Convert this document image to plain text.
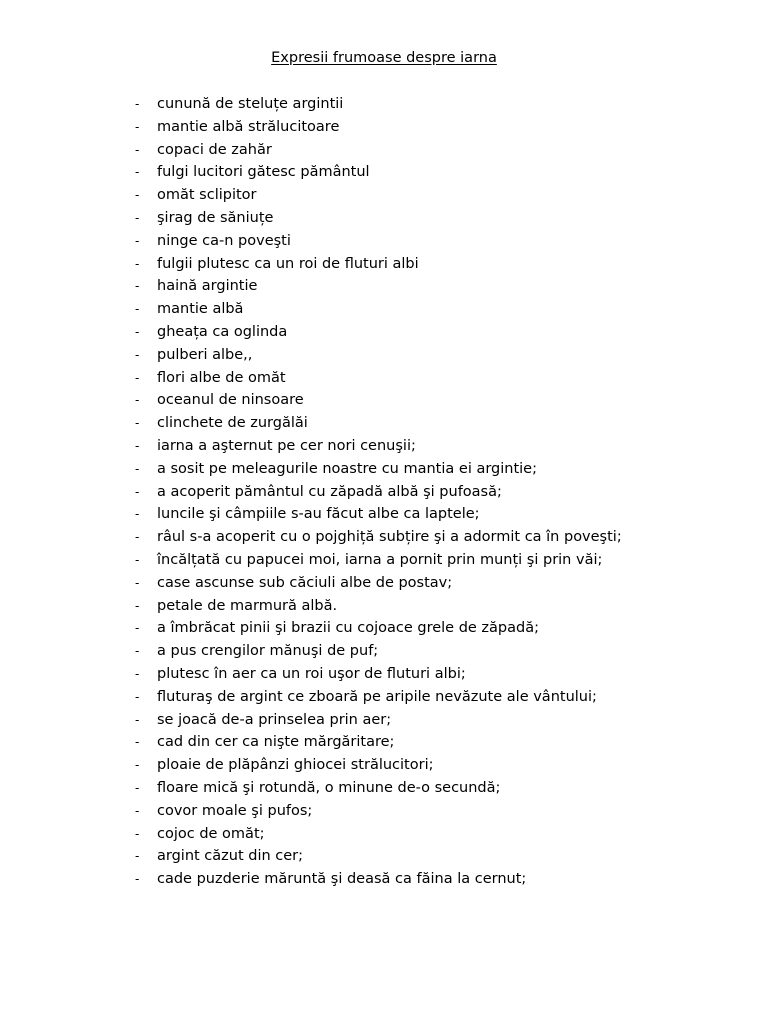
Expresii frumoase despre iarna
- cunună de steluțe argintii
- mantie albă strălucitoare
- copaci de zahăr
- fulgi lucitori gătesc pământul
- omăt sclipitor
- şirag de săniuțe
- ninge ca-n poveşti
- fulgii plutesc ca un roi de fluturi albi
- haină argintie
- mantie albă
- gheața ca oglinda
- pulberi albe,,
- flori albe de omăt
- oceanul de ninsoare
- clinchete de zurgălăi
- iarna a aşternut pe cer nori cenuşii;
- a sosit pe meleagurile noastre cu mantia ei argintie;
- a acoperit pământul cu zăpadă albă şi pufoasă;
- luncile şi câmpiile s-au făcut albe ca laptele;
- râul s-a acoperit cu o pojghiță subțire şi a adormit ca în poveşti;
- încălțată cu papucei moi, iarna a pornit prin munți şi prin văi;
- case ascunse sub căciuli albe de postav;
- petale de marmură albă.
- a îmbrăcat pinii şi brazii cu cojoace grele de zăpadă;
- a pus crengilor mănuşi de puf;
- plutesc în aer ca un roi uşor de fluturi albi;
- fluturaş de argint ce zboară pe aripile nevăzute ale vântului;
- se joacă de-a prinselea prin aer;
- cad din cer ca nişte mărgăritare;
- ploaie de plăpânzi ghiocei strălucitori;
- floare mică şi rotundă, o minune de-o secundă;
- covor moale şi pufos;
- cojoc de omăt;
- argint căzut din cer;
- cade puzderie măruntă şi deasă ca făina la cernut;
